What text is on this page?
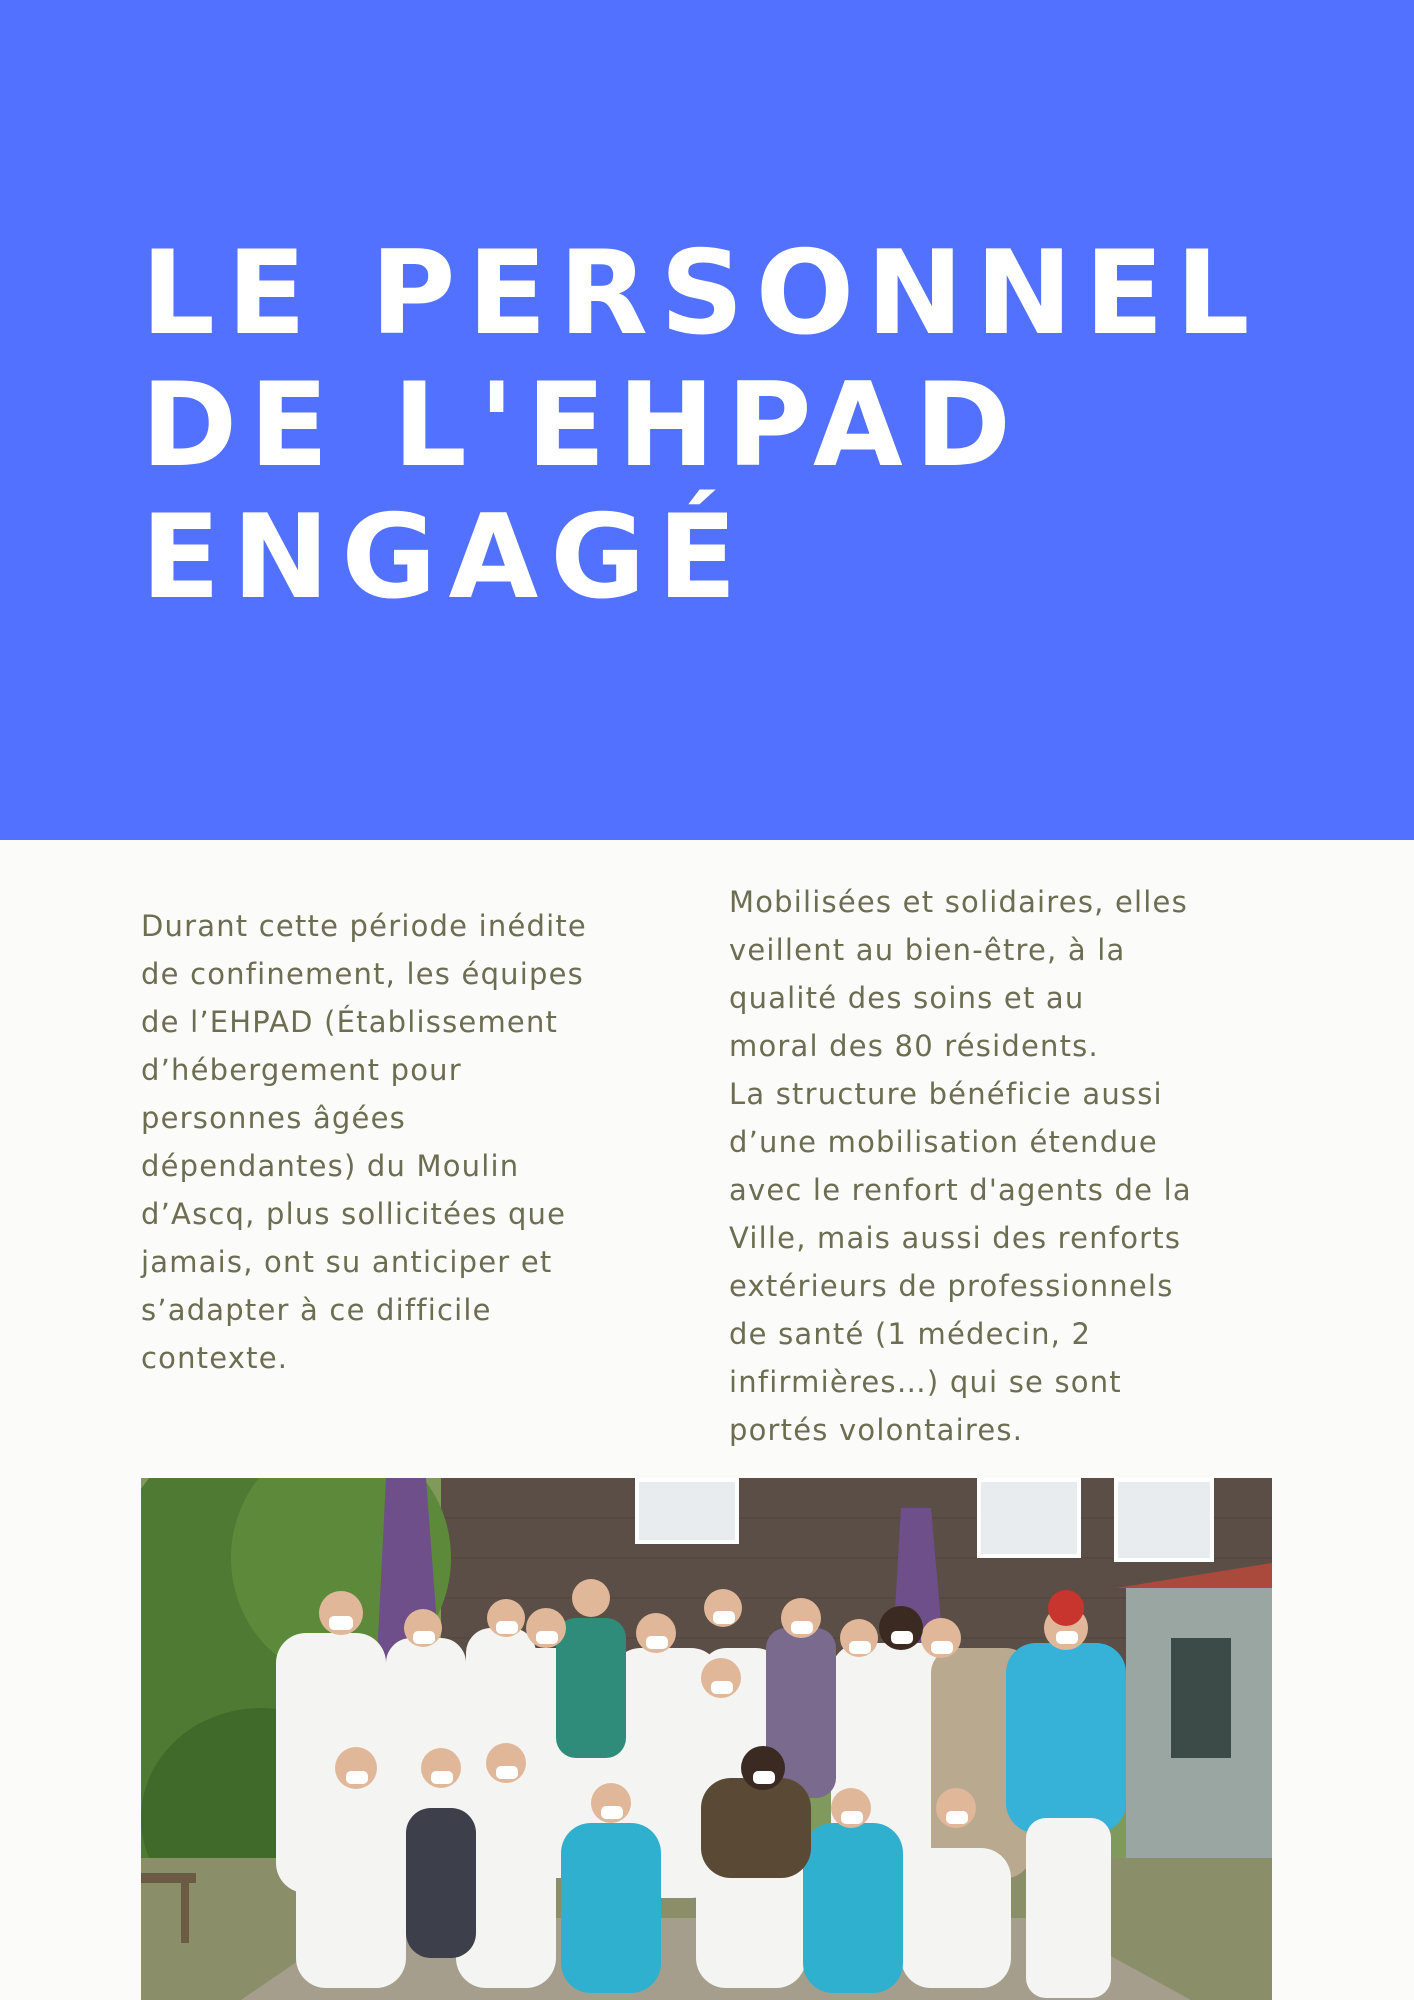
LE PERSONNEL
DE L'EHPAD
ENGAGÉ

Durant cette période inédite
de confinement, les équipes
de l’EHPAD (Établissement
d’hébergement pour
personnes âgées
dépendantes) du Moulin
d’Ascq, plus sollicitées que
jamais, ont su anticiper et
s’adapter à ce difficile
contexte.

Mobilisées et solidaires, elles
veillent au bien-être, à la
qualité des soins et au
moral des 80 résidents.
La structure bénéficie aussi
d’une mobilisation étendue
avec le renfort d'agents de la
Ville, mais aussi des renforts
extérieurs de professionnels
de santé (1 médecin, 2
infirmières…) qui se sont
portés volontaires.
